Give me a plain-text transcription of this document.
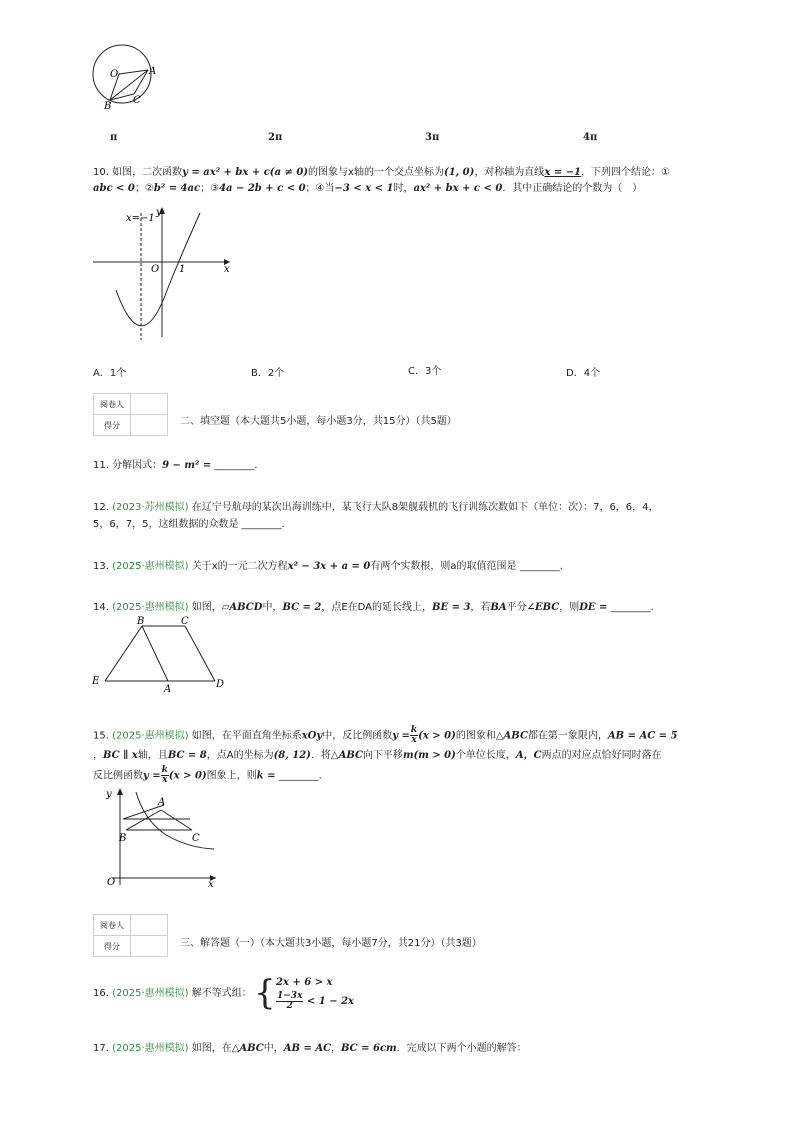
O	A
B
C
π	2π	3π	4π
10. 如图，二次函数y = ax² + bx + c(a ≠ 0)的图象与x轴的一个交点坐标为(1, 0)，对称轴为直线x = −1，下列四个结论：①
abc < 0；②b² = 4ac；③4a − 2b + c < 0；④当−3 < x < 1时，ax² + bx + c < 0．其中正确结论的个数为（　）
x=−1
y
x
O 1
A．1个	B．2个	C．3个	D．4个
阅卷人	
得分		二、填空题（本大题共5小题，每小题3分，共15分）（共5题）
11. 分解因式：9 − m² = ________．
12. (2023·苏州模拟) 在辽宁号航母的某次出海训练中，某飞行大队8架舰载机的飞行训练次数如下（单位：次）：7，6，6，4，
5，6，7，5，这组数据的众数是 ________．
13. (2025·惠州模拟) 关于x的一元二次方程x² − 3x + a = 0有两个实数根，则a的取值范围是 ________．
14. (2025·惠州模拟) 如图，▱ABCD中，BC = 2，点E在DA的延长线上，BE = 3，若BA平分∠EBC，则DE = ________．
B	C
E
A	D
15. (2025·惠州模拟) 如图，在平面直角坐标系xOy中，反比例函数$y = \frac{k}{x} (x > 0)$的图象和△ABC都在第一象限内，AB = AC = 5
，BC ∥ x轴，且BC = 8，点A的坐标为(8, 12)．将△ABC向下平移m(m > 0)个单位长度，A，C两点的对应点恰好同时落在
反比例函数$y = \frac{k}{x} (x > 0)$图象上，则k = ________．
y
A
B	C
O	x
阅卷人	
得分		三、解答题（一）（本大题共3小题，每小题7分，共21分）（共3题）
16. (2025·惠州模拟) 解不等式组： { 2x + 6 > x
$\frac{1-3x}{2} < 1 - 2x$
17. (2025·惠州模拟) 如图，在△ABC中，AB = AC，BC = 6cm．完成以下两个小题的解答：
